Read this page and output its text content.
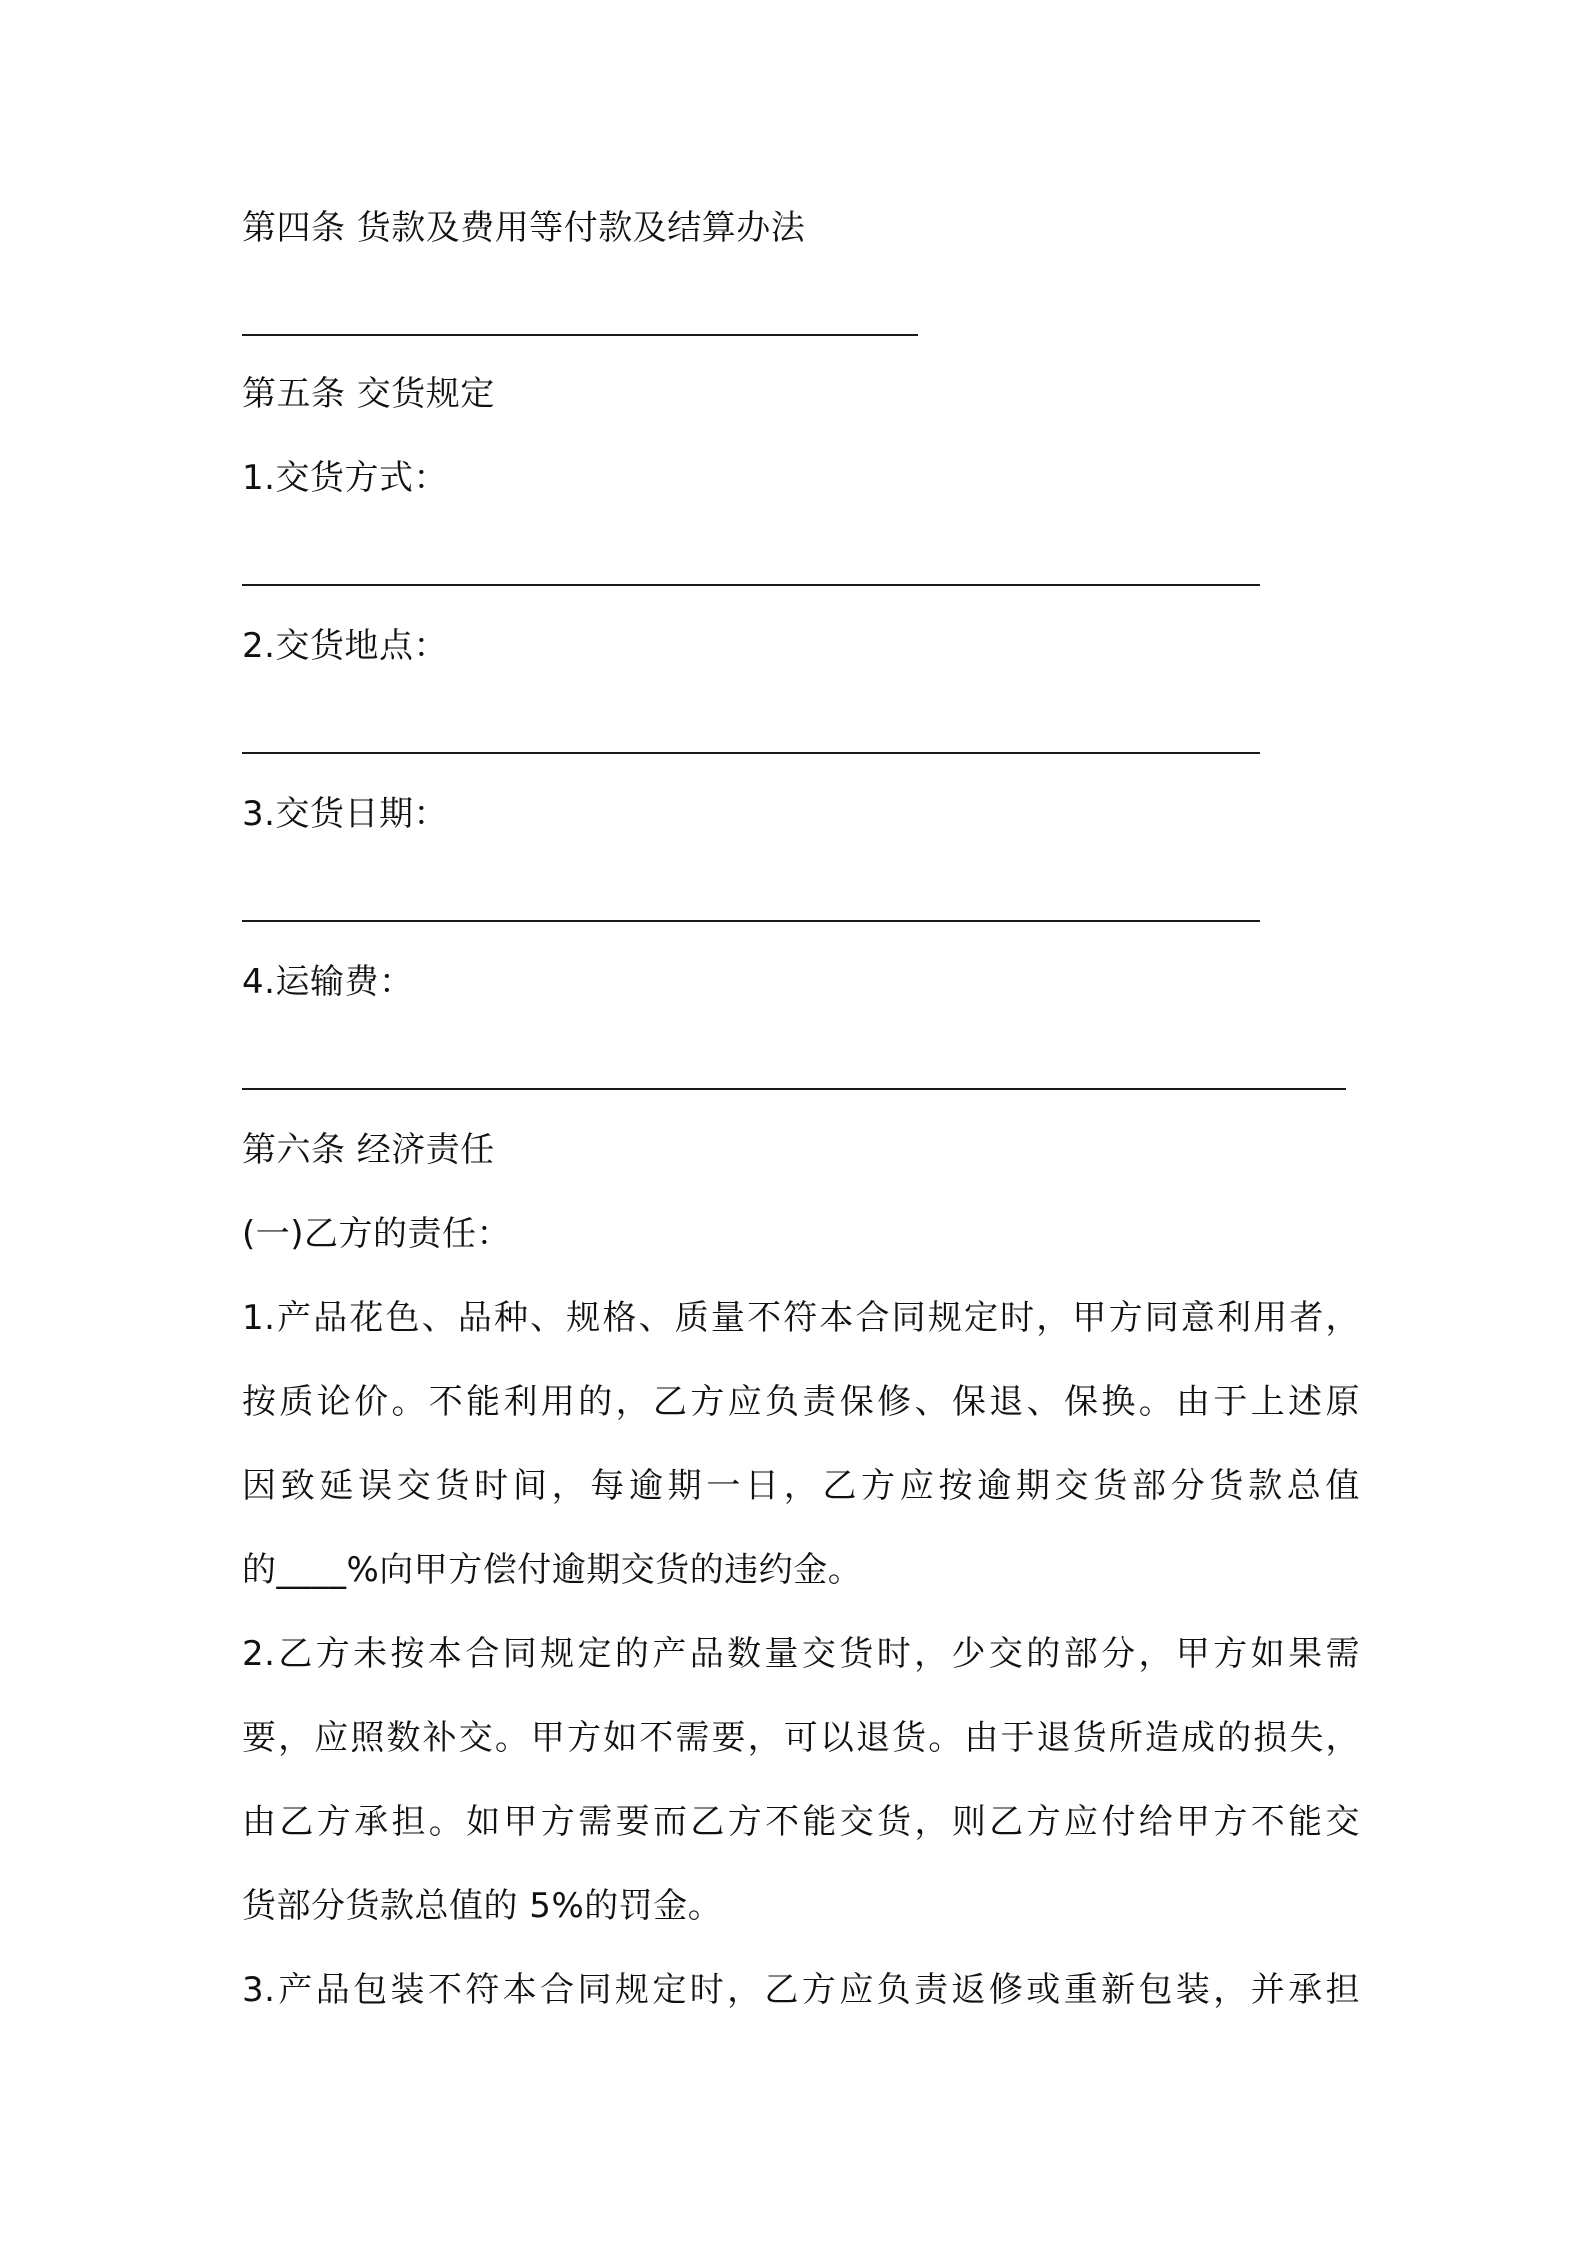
第四条 货款及费用等付款及结算办法
第五条 交货规定
1.交货方式：
2.交货地点：
3.交货日期：
4.运输费：
第六条 经济责任
(一)乙方的责任：
1.产品花色、品种、规格、质量不符本合同规定时，甲方同意利用者，
按质论价。不能利用的，乙方应负责保修、保退、保换。由于上述原
因致延误交货时间，每逾期一日，乙方应按逾期交货部分货款总值
的____%向甲方偿付逾期交货的违约金。
2.乙方未按本合同规定的产品数量交货时，少交的部分，甲方如果需
要，应照数补交。甲方如不需要，可以退货。由于退货所造成的损失，
由乙方承担。如甲方需要而乙方不能交货，则乙方应付给甲方不能交
货部分货款总值的 5%的罚金。
3.产品包装不符本合同规定时，乙方应负责返修或重新包装，并承担
